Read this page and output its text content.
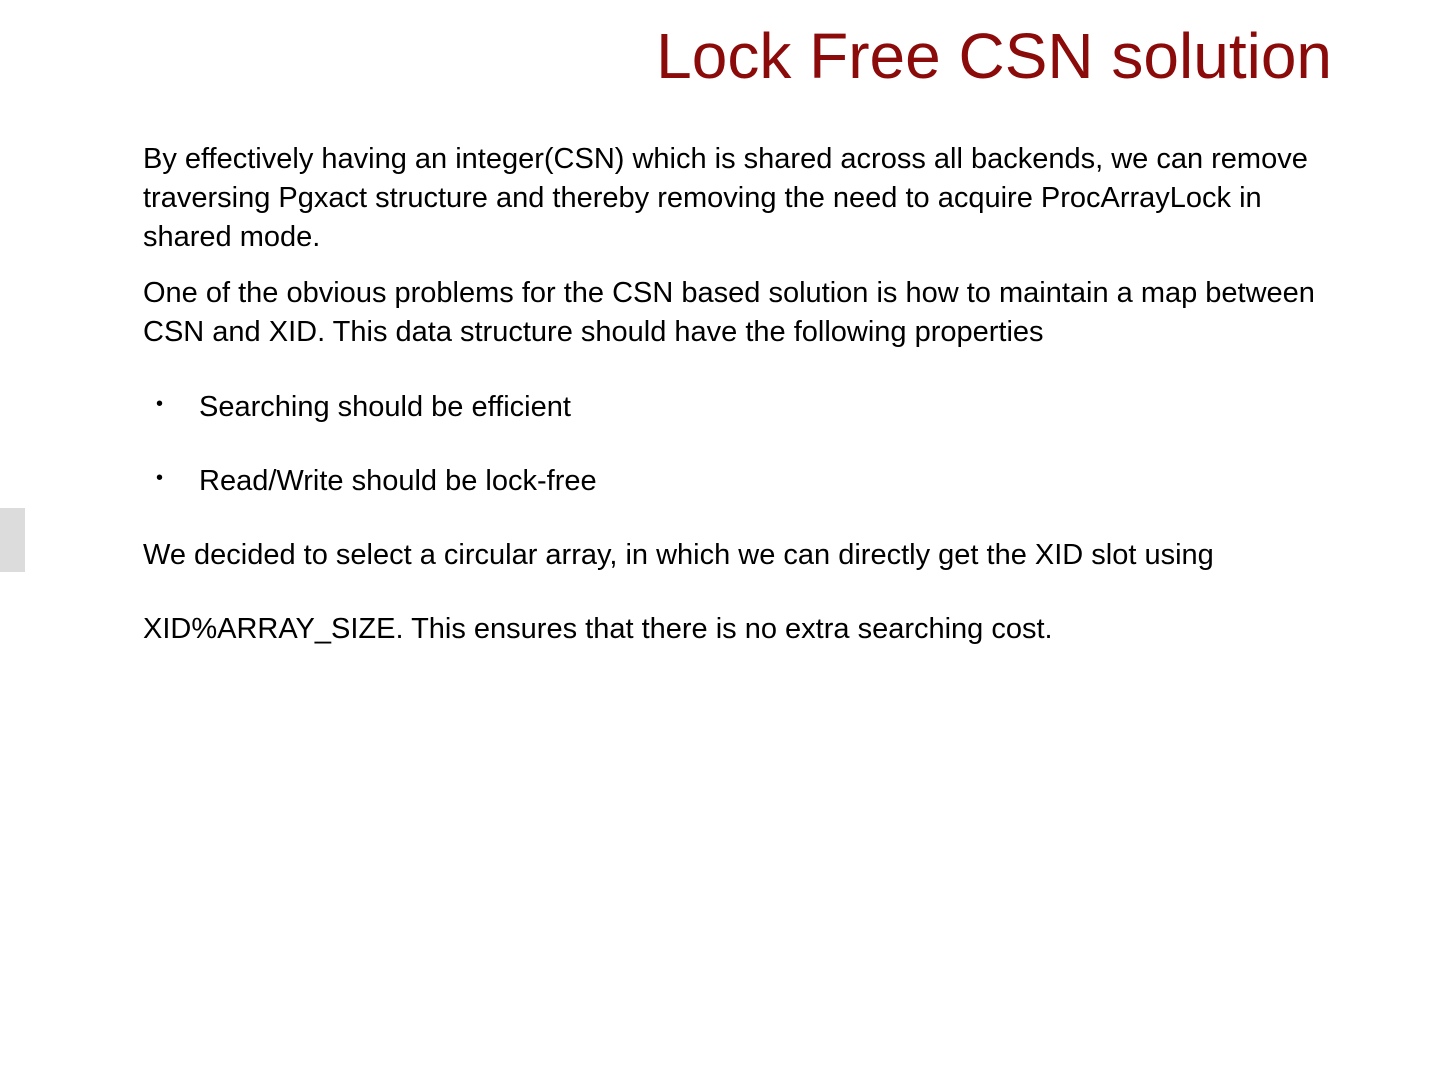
Lock Free CSN solution

By effectively having an integer(CSN) which is shared across all backends, we can remove traversing Pgxact structure and thereby removing the need to acquire ProcArrayLock in shared mode.

One of the obvious problems for the CSN based solution is how to maintain a map between CSN and XID. This data structure should have the following properties

•	Searching should be efficient
•	Read/Write should be lock-free

We decided to select a circular array, in which we can directly get the XID slot using

XID%ARRAY_SIZE. This ensures that there is no extra searching cost.
